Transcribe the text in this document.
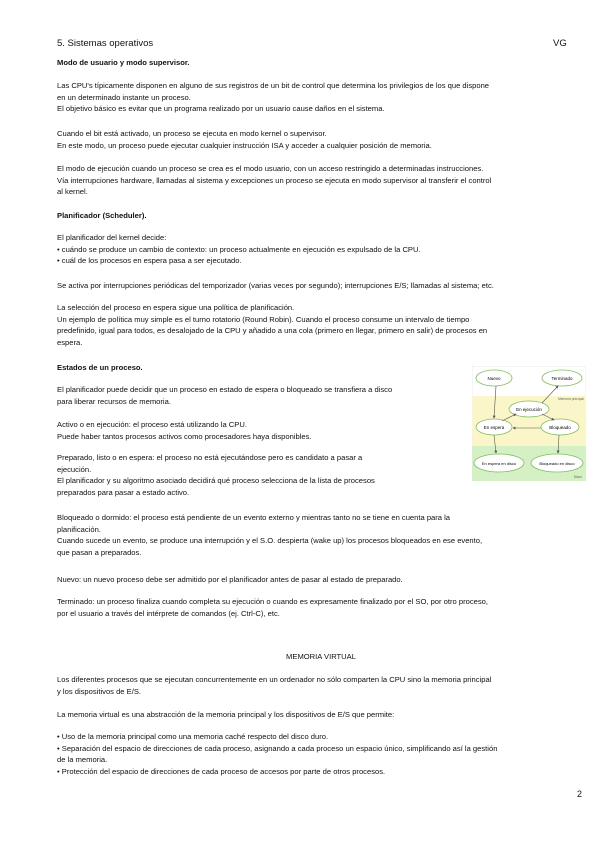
5. Sistemas operativos	VG
Modo de usuario y modo supervisor.

Las CPU's típicamente disponen en alguno de sus registros de un bit de control que determina los privilegios de los que dispone

en un determinado instante un proceso.

El objetivo básico es evitar que un programa realizado por un usuario cause daños en el sistema.

Cuando el bit está activado, un proceso se ejecuta en modo kernel o supervisor.

En este modo, un proceso puede ejecutar cualquier instrucción ISA y acceder a cualquier posición de memoria.

El modo de ejecución cuando un proceso se crea es el modo usuario, con un acceso restringido a determinadas instrucciones.

Vía interrupciones hardware, llamadas al sistema y excepciones un proceso se ejecuta en modo supervisor al transferir el control

al kernel.

Planificador (Scheduler).

El planificador del kernel decide:

• cuándo se produce un cambio de contexto: un proceso actualmente en ejecución es expulsado de la CPU.

• cuál de los procesos en espera pasa a ser ejecutado.

Se activa por interrupciones periódicas del temporizador (varias veces por segundo); interrupciones E/S; llamadas al sistema; etc.

La selección del proceso en espera sigue una política de planificación.

Un ejemplo de política muy simple es el turno rotatorio (Round Robin). Cuando el proceso consume un intervalo de tiempo

predefinido, igual para todos, es desalojado de la CPU y añadido a una cola (primero en llegar, primero en salir) de procesos en

espera.

Estados de un proceso.

El planificador puede decidir que un proceso en estado de espera o bloqueado se transfiera a disco

para liberar recursos de memoria.

Activo o en ejecución: el proceso está utilizando la CPU.

Puede haber tantos procesos activos como procesadores haya disponibles.

Preparado, listo o en espera: el proceso no está ejecutándose pero es candidato a pasar a

ejecución.

El planificador y su algoritmo asociado decidirá qué proceso selecciona de la lista de procesos

preparados para pasar a estado activo.

Bloqueado o dormido: el proceso está pendiente de un evento externo y mientras tanto no se tiene en cuenta para la

planificación.

Cuando sucede un evento, se produce una interrupción y el S.O. despierta (wake up) los procesos bloqueados en ese evento,

que pasan a preparados.

Nuevo: un nuevo proceso debe ser admitido por el planificador antes de pasar al estado de preparado.

Terminado: un proceso finaliza cuando completa su ejecución o cuando es expresamente finalizado por el SO, por otro proceso,

por el usuario a través del intérprete de comandos (ej. Ctrl-C), etc.

MEMORIA VIRTUAL

Los diferentes procesos que se ejecutan concurrentemente en un ordenador no sólo comparten la CPU sino la memoria principal

y los dispositivos de E/S.

La memoria virtual es una abstracción de la memoria principal y los dispositivos de E/S que permite:

• Uso de la memoria principal como una memoria caché respecto del disco duro.

• Separación del espacio de direcciones de cada proceso, asignando a cada proceso un espacio único, simplificando así la gestión

de la memoria.

• Protección del espacio de direcciones de cada proceso de accesos por parte de otros procesos.

2
Nuevo	Terminado
Memoria principal
En ejecución
En espera	Bloqueado
En espera en disco	Bloqueado en disco
Disco
